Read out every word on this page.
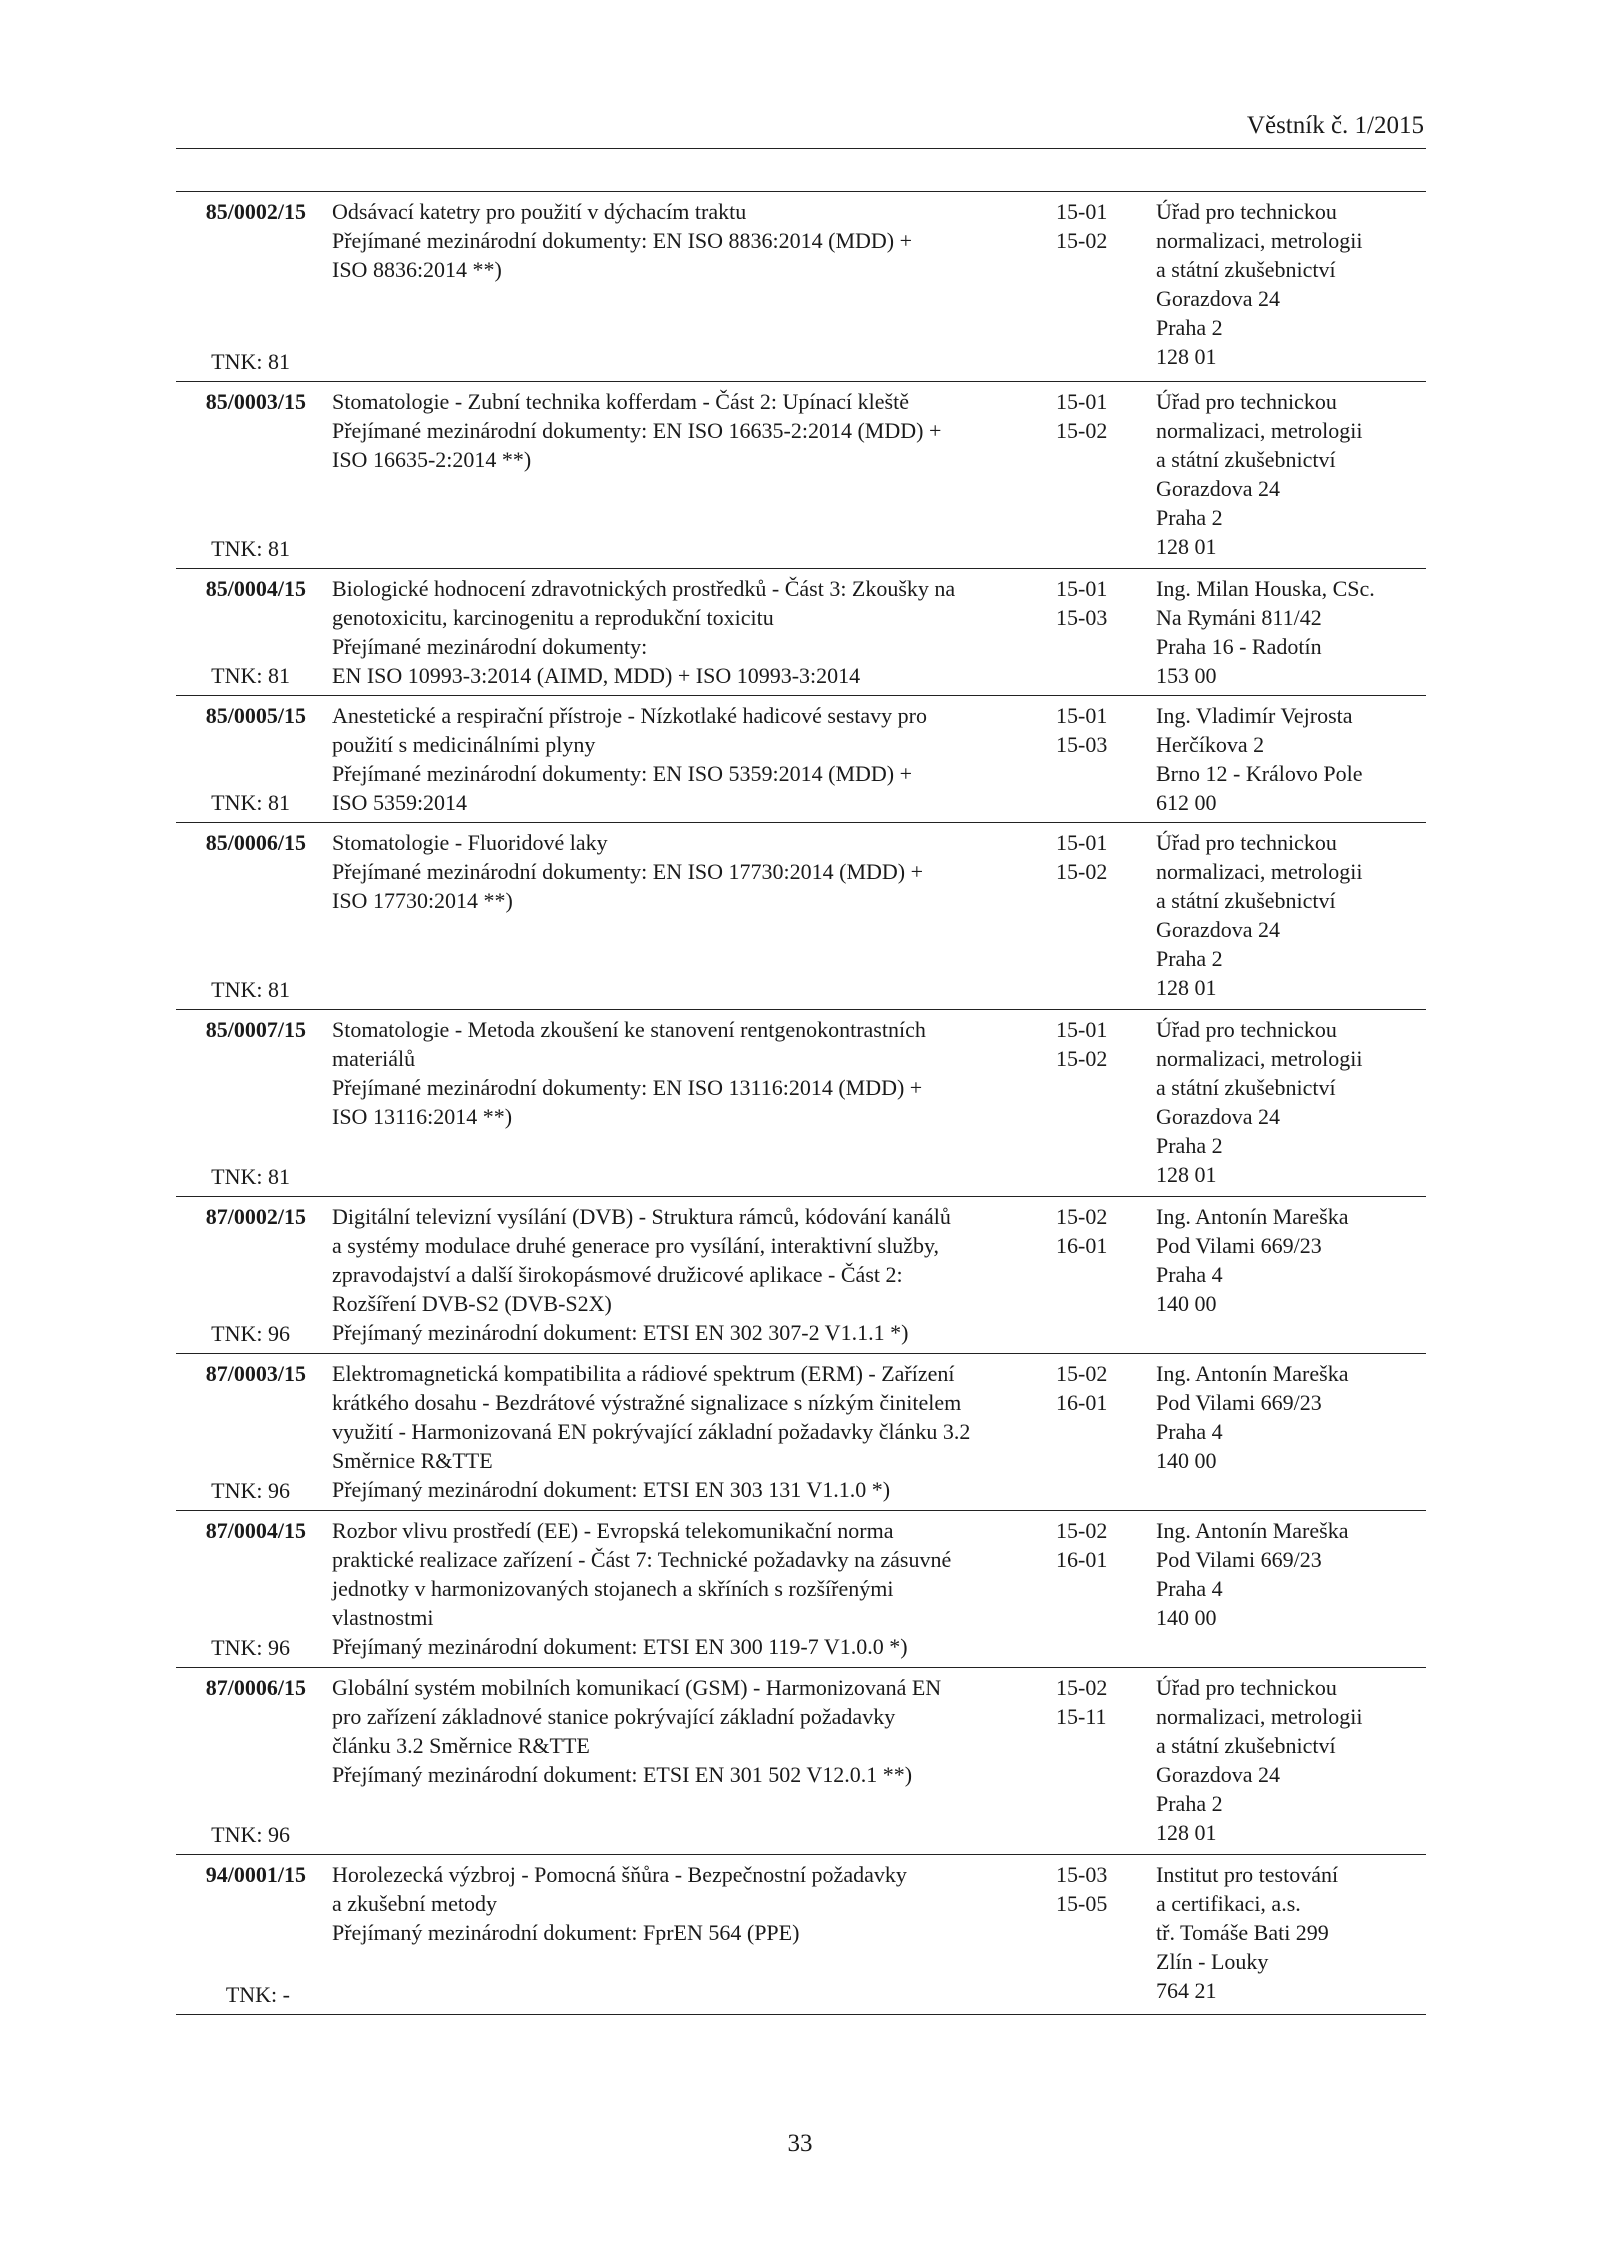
Věstník č. 1/2015
85/0002/15
TNK: 81
Odsávací katetry pro použití v dýchacím traktu
Přejímané mezinárodní dokumenty: EN ISO 8836:2014 (MDD) +
ISO 8836:2014 **)
15-01
15-02
Úřad pro technickou
normalizaci, metrologii
a státní zkušebnictví
Gorazdova 24
Praha 2
128 01
85/0003/15
TNK: 81
Stomatologie - Zubní technika kofferdam - Část 2: Upínací kleště
Přejímané mezinárodní dokumenty: EN ISO 16635-2:2014 (MDD) +
ISO 16635-2:2014 **)
15-01
15-02
Úřad pro technickou
normalizaci, metrologii
a státní zkušebnictví
Gorazdova 24
Praha 2
128 01
85/0004/15
TNK: 81
Biologické hodnocení zdravotnických prostředků - Část 3: Zkoušky na
genotoxicitu, karcinogenitu a reprodukční toxicitu
Přejímané mezinárodní dokumenty:
EN ISO 10993-3:2014 (AIMD, MDD) + ISO 10993-3:2014
15-01
15-03
Ing. Milan Houska, CSc.
Na Rymáni 811/42
Praha 16 - Radotín
153 00
85/0005/15
TNK: 81
Anestetické a respirační přístroje - Nízkotlaké hadicové sestavy pro
použití s medicinálními plyny
Přejímané mezinárodní dokumenty: EN ISO 5359:2014 (MDD) +
ISO 5359:2014
15-01
15-03
Ing. Vladimír Vejrosta
Herčíkova 2
Brno 12 - Královo Pole
612 00
85/0006/15
TNK: 81
Stomatologie - Fluoridové laky
Přejímané mezinárodní dokumenty: EN ISO 17730:2014 (MDD) +
ISO 17730:2014 **)
15-01
15-02
Úřad pro technickou
normalizaci, metrologii
a státní zkušebnictví
Gorazdova 24
Praha 2
128 01
85/0007/15
TNK: 81
Stomatologie - Metoda zkoušení ke stanovení rentgenokontrastních
materiálů
Přejímané mezinárodní dokumenty: EN ISO 13116:2014 (MDD) +
ISO 13116:2014 **)
15-01
15-02
Úřad pro technickou
normalizaci, metrologii
a státní zkušebnictví
Gorazdova 24
Praha 2
128 01
87/0002/15
TNK: 96
Digitální televizní vysílání (DVB) - Struktura rámců, kódování kanálů
a systémy modulace druhé generace pro vysílání, interaktivní služby,
zpravodajství a další širokopásmové družicové aplikace - Část 2:
Rozšíření DVB-S2 (DVB-S2X)
Přejímaný mezinárodní dokument: ETSI EN 302 307-2 V1.1.1 *)
15-02
16-01
Ing. Antonín Mareška
Pod Vilami 669/23
Praha 4
140 00
87/0003/15
TNK: 96
Elektromagnetická kompatibilita a rádiové spektrum (ERM) - Zařízení
krátkého dosahu - Bezdrátové výstražné signalizace s nízkým činitelem
využití - Harmonizovaná EN pokrývající základní požadavky článku 3.2
Směrnice R&TTE
Přejímaný mezinárodní dokument: ETSI EN 303 131 V1.1.0 *)
15-02
16-01
Ing. Antonín Mareška
Pod Vilami 669/23
Praha 4
140 00
87/0004/15
TNK: 96
Rozbor vlivu prostředí (EE) - Evropská telekomunikační norma
praktické realizace zařízení - Část 7: Technické požadavky na zásuvné
jednotky v harmonizovaných stojanech a skříních s rozšířenými
vlastnostmi
Přejímaný mezinárodní dokument: ETSI EN 300 119-7 V1.0.0 *)
15-02
16-01
Ing. Antonín Mareška
Pod Vilami 669/23
Praha 4
140 00
87/0006/15
TNK: 96
Globální systém mobilních komunikací (GSM) - Harmonizovaná EN
pro zařízení základnové stanice pokrývající základní požadavky
článku 3.2 Směrnice R&TTE
Přejímaný mezinárodní dokument: ETSI EN 301 502 V12.0.1 **)
15-02
15-11
Úřad pro technickou
normalizaci, metrologii
a státní zkušebnictví
Gorazdova 24
Praha 2
128 01
94/0001/15
TNK: -
Horolezecká výzbroj - Pomocná šňůra - Bezpečnostní požadavky
a zkušební metody
Přejímaný mezinárodní dokument: FprEN 564 (PPE)
15-03
15-05
Institut pro testování
a certifikaci, a.s.
tř. Tomáše Bati 299
Zlín - Louky
764 21
33
